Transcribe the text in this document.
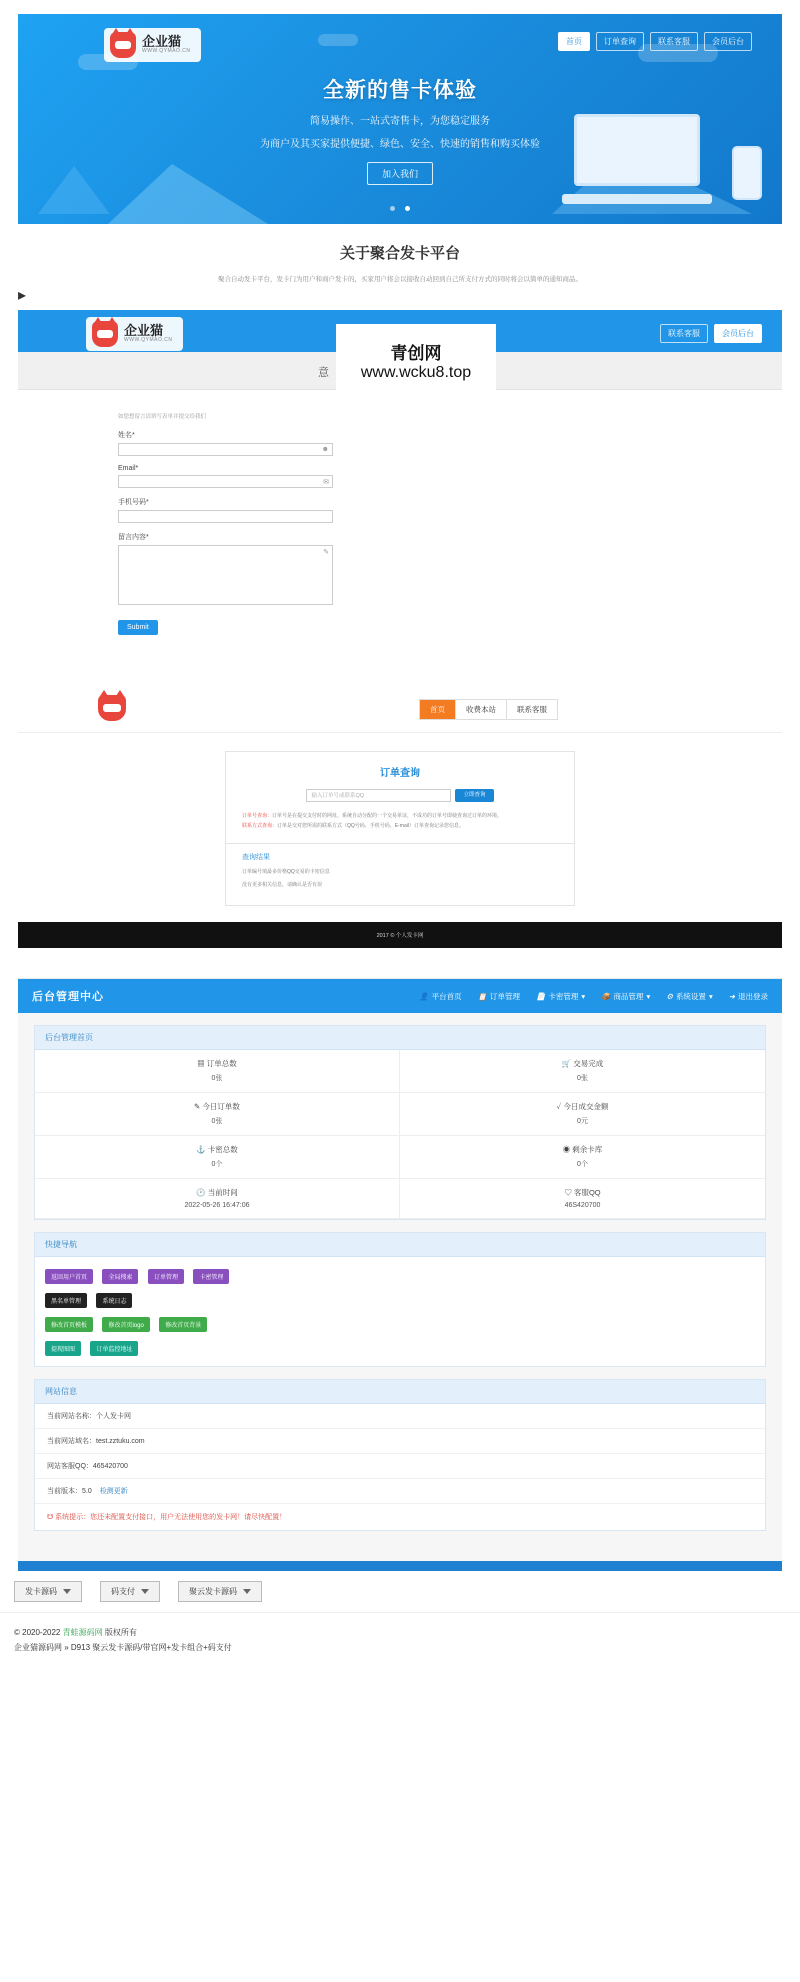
企业猫
WWW.QYMAO.CN
首页	订单查询	联系客服	会员后台
全新的售卡体验

简易操作、一站式寄售卡，为您稳定服务

为商户及其买家提供便捷、绿色、安全、快速的销售和购买体验

加入我们

关于聚合发卡平台

聚合自动发卡平台，发卡门为用户和商户发卡的，买家用户将会以接收自动回到自己所支付方式的同时将会以简单的通知商品。

▸
企业猫
WWW.QYMAO.CN
联系客服	会员后台
意
青创网
www.wcku8.top
如您想留言请填写表单并提交给我们
姓名*
☻
Email*
✉
手机号码*
留言内容*
✎
Submit
首页	收费本站	联系客服
订单查询
输入订单号或联系QQ	立即查询
订单号查询：订单号是在提交支付时的网址，系统自动分配的一个交易单证，不成功的订单号即使查询过订单的环境。
联系方式查询：订单是交对您所需的联系方式（QQ号码、手机号码、E-mail）订单查询记录您信息。
查询结果

订单编号填最多价格QQ交易的卡密信息

没有更多相关信息，请确认是否有误

2017 © 个人发卡网
后台管理中心	👤 平台首页 📋 订单管理 📄 卡密管理 ▾ 📦 商品管理 ▾ ⚙ 系统设置 ▾ ➜ 退出登录
后台管理首页
▦ 订单总数
0张
🛒 交易完成
0张
✎ 今日订单数
0张
✓ 今日成交金额
0元
⚓ 卡密总数
0个
◉ 剩余卡库
0个
🕑 当前时间
2022-05-26 16:47:06
♡ 客服QQ
46S420700
快捷导航
返回用户首页	全局搜索	订单管理	卡密管理
黑名单管理	系统日志
修改首页模板	修改首页logo	修改首页背景
提现图图	订单监控地址
网站信息
当前网站名称：个人发卡网
当前网站域名：test.zztuku.com
网站客服QQ：465420700
当前版本：5.0 检测更新
☋ 系统提示：您还未配置支付接口，用户无法使用您的发卡网！请尽快配置！
发卡源码	码支付	聚云发卡源码
© 2020-2022 青蛙源码网 版权所有
企业猫源码网 » D913 聚云发卡源码/带官网+发卡组合+码支付
